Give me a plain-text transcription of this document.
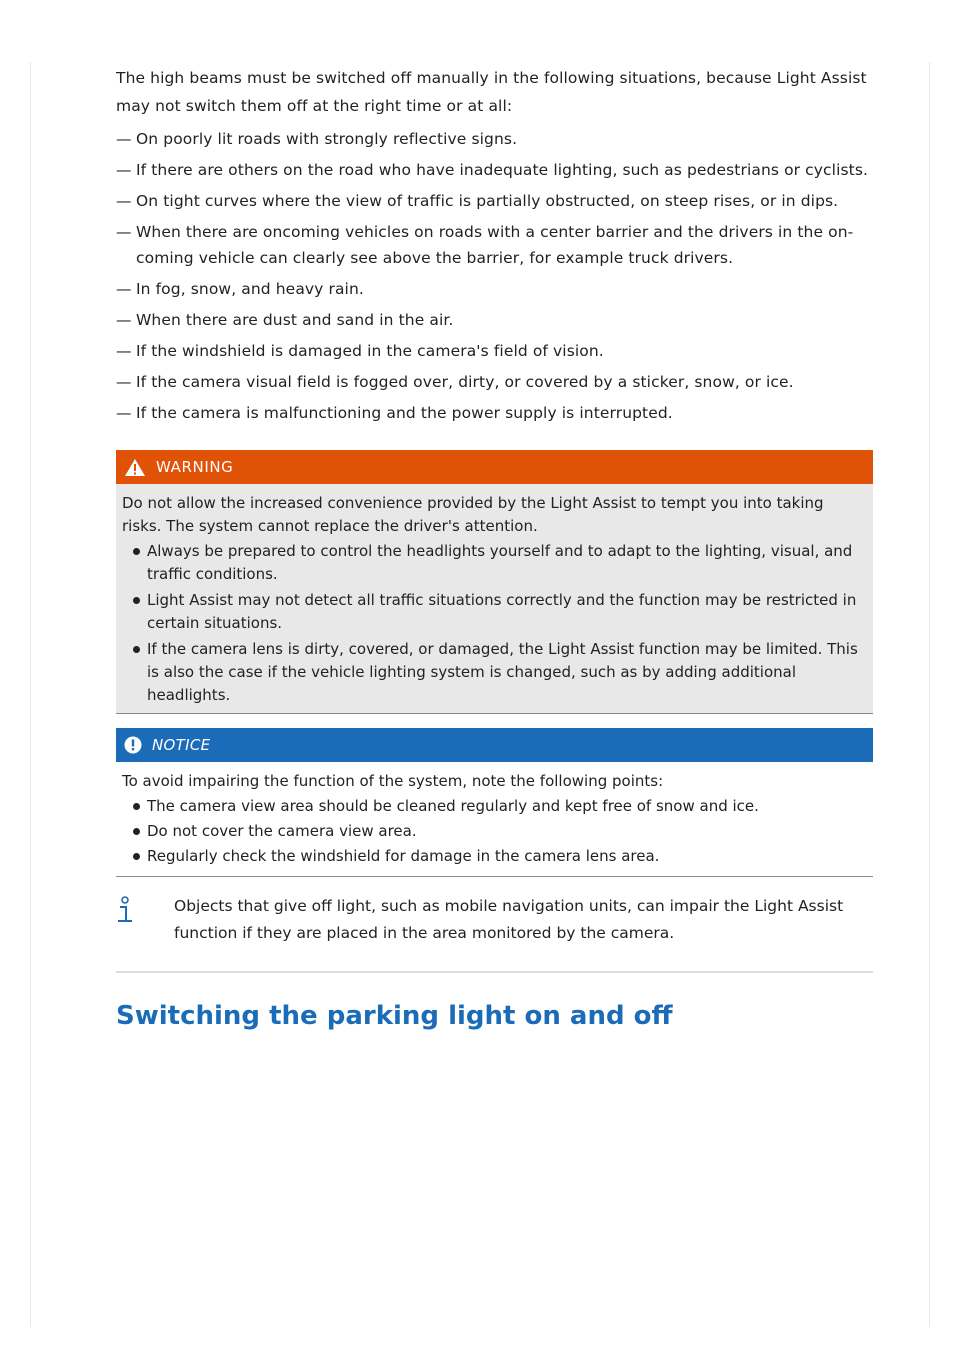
The high beams must be switched off manually in the following situations, because Light Assist may not switch them off at the right time or at all:

— On poorly lit roads with strongly reflective signs.
— If there are others on the road who have inadequate lighting, such as pedestrians or cyclists.
— On tight curves where the view of traffic is partially obstructed, on steep rises, or in dips.
— When there are oncoming vehicles on roads with a center barrier and the drivers in the on- coming vehicle can clearly see above the barrier, for example truck drivers.
— In fog, snow, and heavy rain.
— When there are dust and sand in the air.
— If the windshield is damaged in the camera's field of vision.
— If the camera visual field is fogged over, dirty, or covered by a sticker, snow, or ice.
— If the camera is malfunctioning and the power supply is interrupted.
WARNING

Do not allow the increased convenience provided by the Light Assist to tempt you into taking risks. The system cannot replace the driver's attention.

Always be prepared to control the headlights yourself and to adapt to the lighting, visual, and traffic conditions.
Light Assist may not detect all traffic situations correctly and the function may be restricted in certain situations.
If the camera lens is dirty, covered, or damaged, the Light Assist function may be limited. This is also the case if the vehicle lighting system is changed, such as by adding additional headlights.
NOTICE

To avoid impairing the function of the system, note the following points:

The camera view area should be cleaned regularly and kept free of snow and ice.
Do not cover the camera view area.
Regularly check the windshield for damage in the camera lens area.

Objects that give off light, such as mobile navigation units, can impair the Light Assist function if they are placed in the area monitored by the camera.

Switching the parking light on and off
